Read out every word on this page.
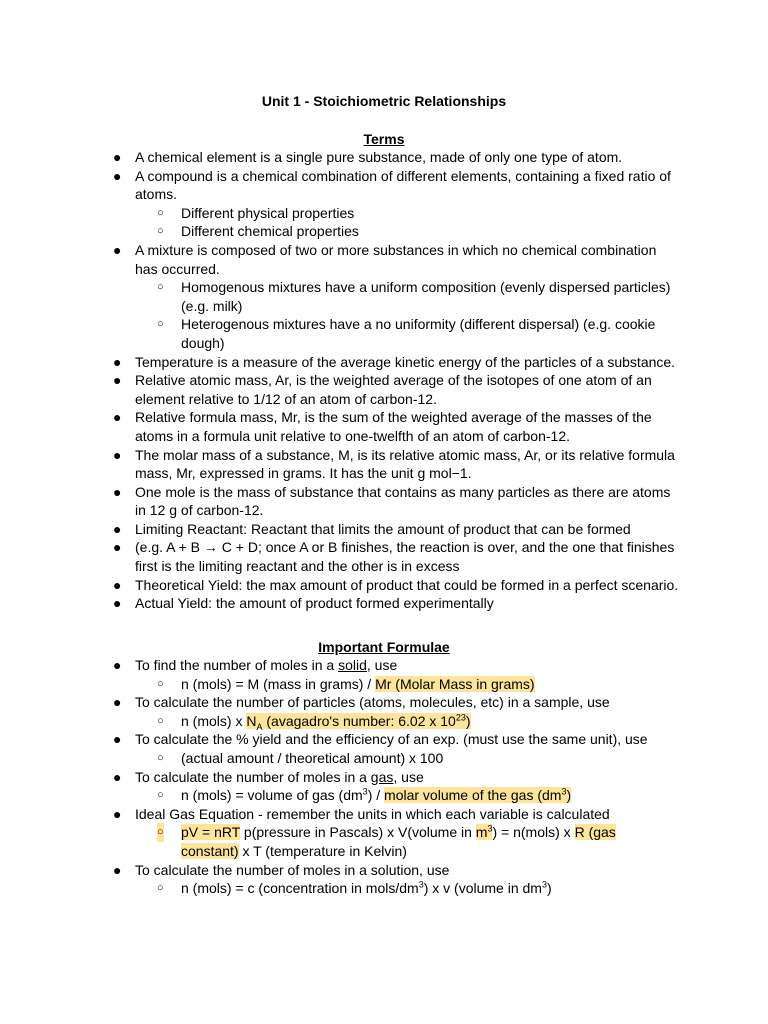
Unit 1 - Stoichiometric Relationships
Terms
● A chemical element is a single pure substance, made of only one type of atom.
● A compound is a chemical combination of different elements, containing a fixed ratio of atoms.
○ Different physical properties
○ Different chemical properties
● A mixture is composed of two or more substances in which no chemical combination has occurred.
○ Homogenous mixtures have a uniform composition (evenly dispersed particles) (e.g. milk)
○ Heterogenous mixtures have a no uniformity (different dispersal) (e.g. cookie dough)
● Temperature is a measure of the average kinetic energy of the particles of a substance.
● Relative atomic mass, Ar, is the weighted average of the isotopes of one atom of an element relative to 1/12 of an atom of carbon-12.
● Relative formula mass, Mr, is the sum of the weighted average of the masses of the atoms in a formula unit relative to one-twelfth of an atom of carbon-12.
● The molar mass of a substance, M, is its relative atomic mass, Ar, or its relative formula mass, Mr, expressed in grams. It has the unit g mol−1.
● One mole is the mass of substance that contains as many particles as there are atoms in 12 g of carbon-12.
● Limiting Reactant: Reactant that limits the amount of product that can be formed
● (e.g. A + B → C + D; once A or B finishes, the reaction is over, and the one that finishes first is the limiting reactant and the other is in excess
● Theoretical Yield: the max amount of product that could be formed in a perfect scenario.
● Actual Yield: the amount of product formed experimentally
Important Formulae
● To find the number of moles in a solid, use
○ n (mols) = M (mass in grams) / Mr (Molar Mass in grams)
● To calculate the number of particles (atoms, molecules, etc) in a sample, use
○ n (mols) x $N_A$ (avagadro's number: 6.02 x $10^{23}$)
● To calculate the % yield and the efficiency of an exp. (must use the same unit), use
○ (actual amount / theoretical amount) x 100
● To calculate the number of moles in a gas, use
○ n (mols) = volume of gas $(dm^3)$ / molar volume of the gas $(dm^3)$
● Ideal Gas Equation - remember the units in which each variable is calculated
○ pV = nRT p(pressure in Pascals) x V(volume in $m^3$) = n(mols) x R (gas constant) x T (temperature in Kelvin)
● To calculate the number of moles in a solution, use
○ n (mols) = c (concentration in mols/$dm^3$) x v (volume in $dm^3$)
